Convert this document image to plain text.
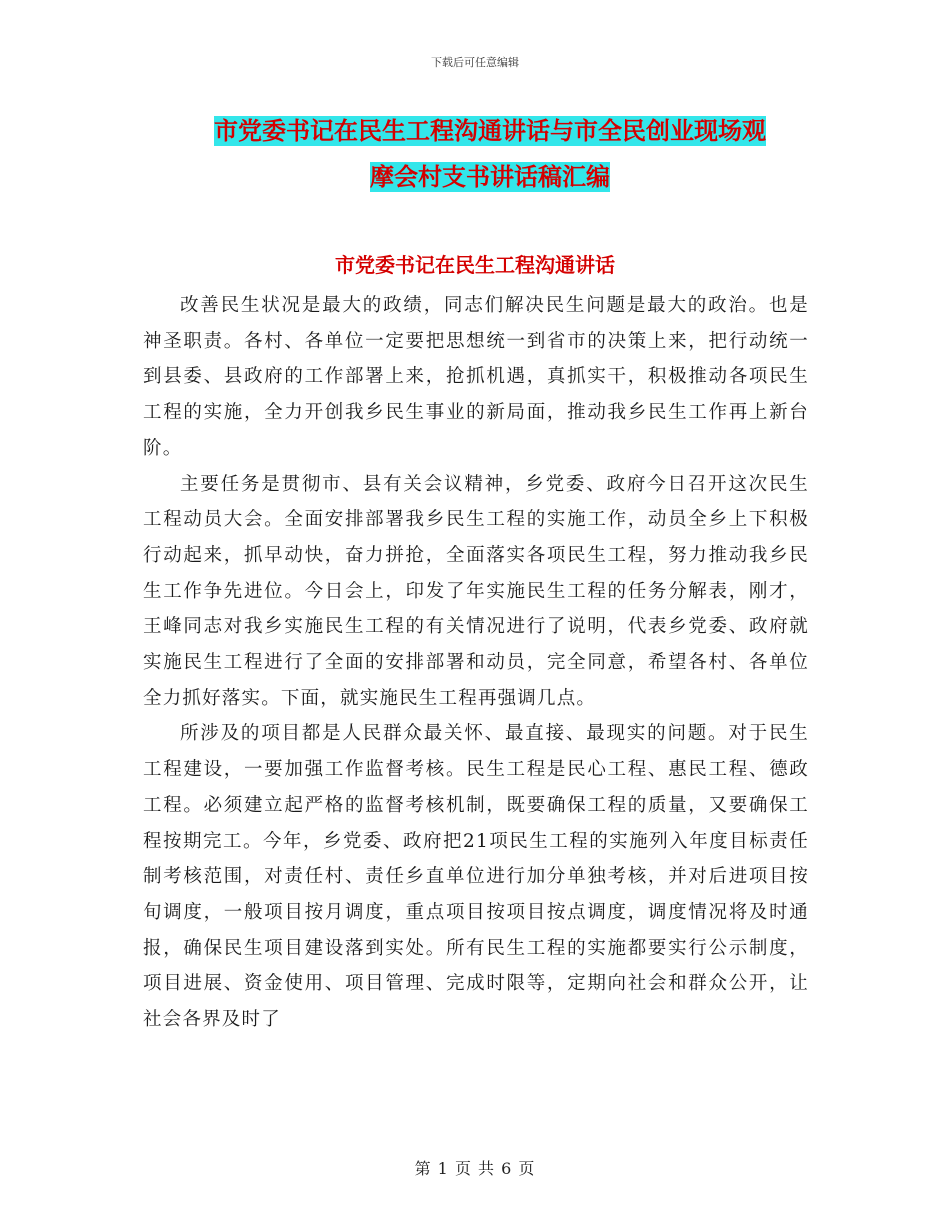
下载后可任意编辑
市党委书记在民生工程沟通讲话与市全民创业现场观
摩会村支书讲话稿汇编
市党委书记在民生工程沟通讲话

改善民生状况是最大的政绩，同志们解决民生问题是最大的政治。也是神圣职责。各村、各单位一定要把思想统一到省市的决策上来，把行动统一到县委、县政府的工作部署上来，抢抓机遇，真抓实干，积极推动各项民生工程的实施，全力开创我乡民生事业的新局面，推动我乡民生工作再上新台阶。

主要任务是贯彻市、县有关会议精神，乡党委、政府今日召开这次民生工程动员大会。全面安排部署我乡民生工程的实施工作，动员全乡上下积极行动起来，抓早动快，奋力拼抢，全面落实各项民生工程，努力推动我乡民生工作争先进位。今日会上，印发了年实施民生工程的任务分解表，刚才，王峰同志对我乡实施民生工程的有关情况进行了说明，代表乡党委、政府就实施民生工程进行了全面的安排部署和动员，完全同意，希望各村、各单位全力抓好落实。下面，就实施民生工程再强调几点。

所涉及的项目都是人民群众最关怀、最直接、最现实的问题。对于民生工程建设，一要加强工作监督考核。民生工程是民心工程、惠民工程、德政工程。必须建立起严格的监督考核机制，既要确保工程的质量，又要确保工程按期完工。今年，乡党委、政府把21项民生工程的实施列入年度目标责任制考核范围，对责任村、责任乡直单位进行加分单独考核，并对后进项目按旬调度，一般项目按月调度，重点项目按项目按点调度，调度情况将及时通报，确保民生项目建设落到实处。所有民生工程的实施都要实行公示制度，项目进展、资金使用、项目管理、完成时限等，定期向社会和群众公开，让社会各界及时了

第 1 页 共 6 页
